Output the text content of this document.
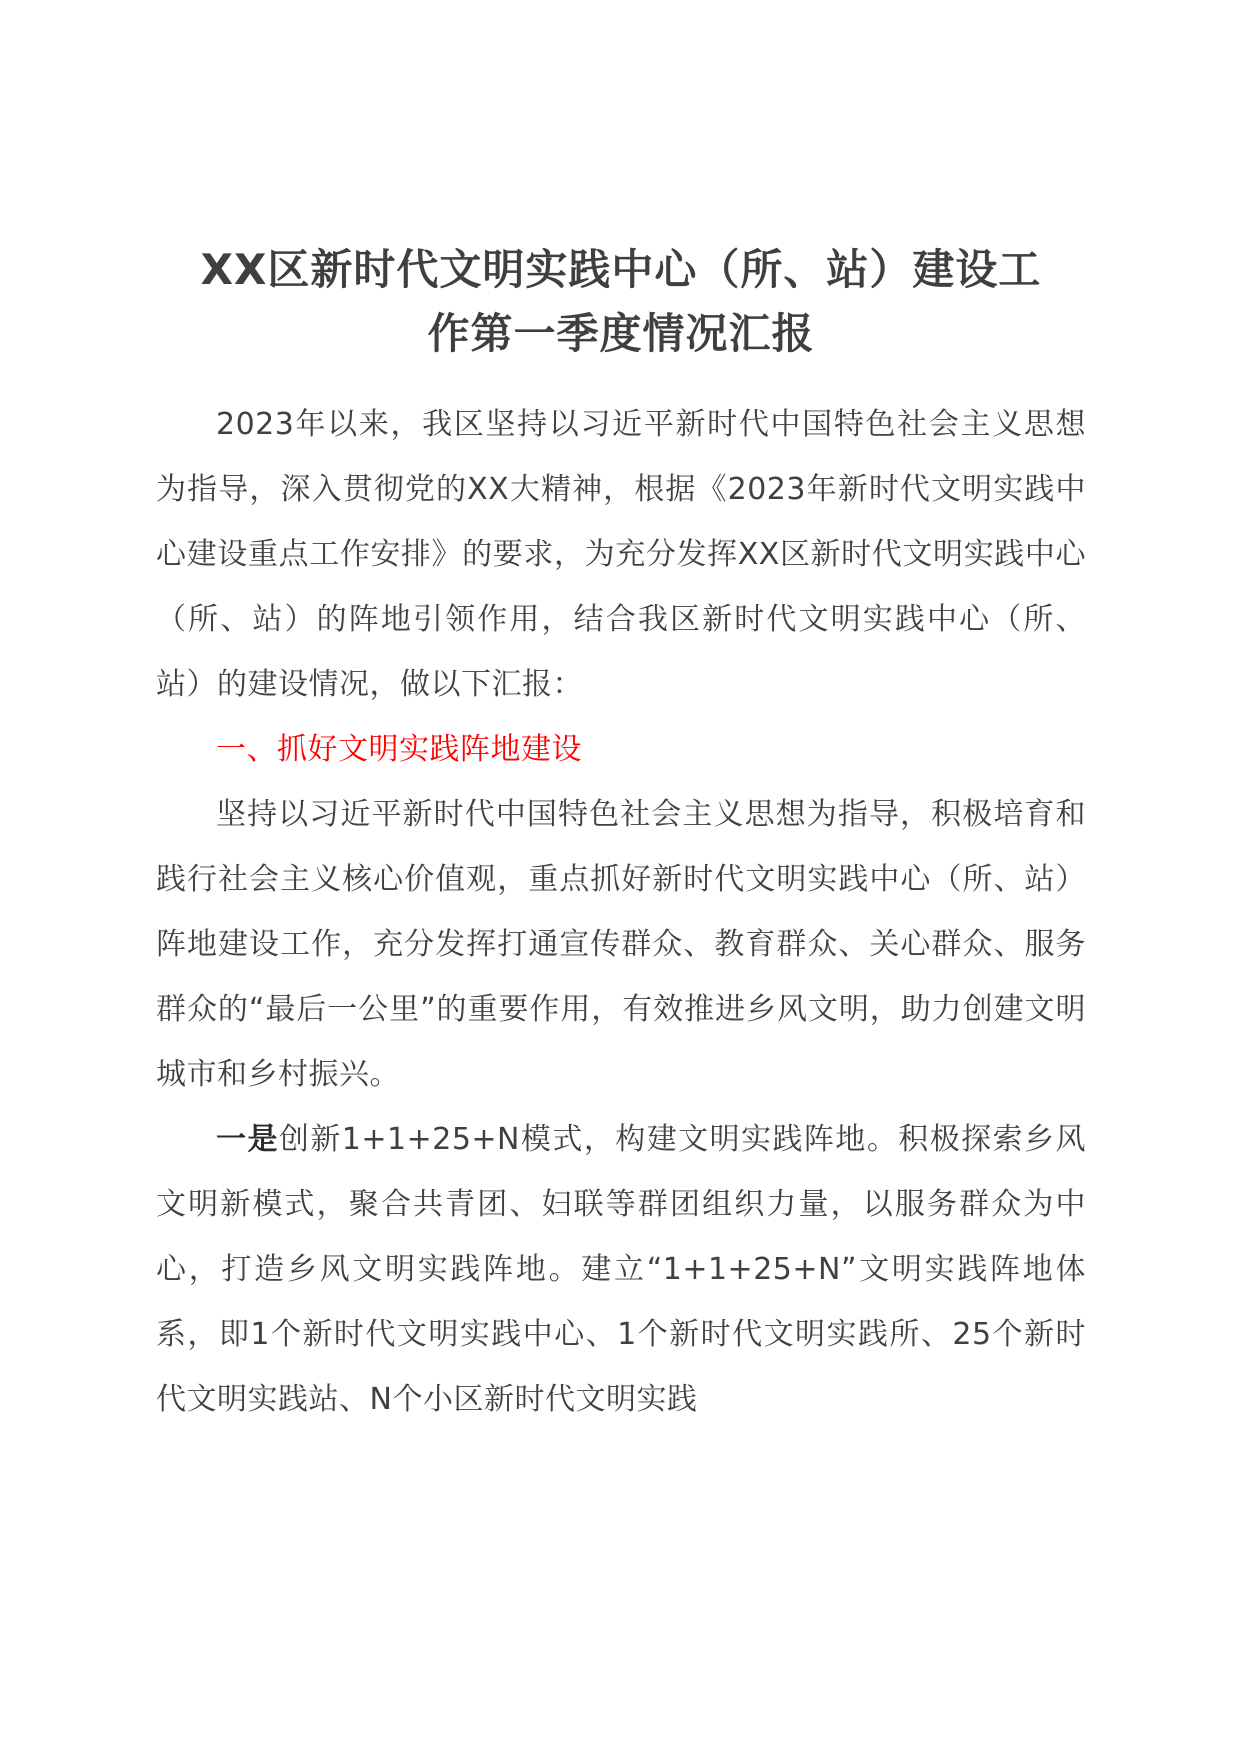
XX区新时代文明实践中心（所、站）建设工
作第一季度情况汇报

2023年以来，我区坚持以习近平新时代中国特色社会主义思想为指导，深入贯彻党的XX大精神，根据《2023年新时代文明实践中心建设重点工作安排》的要求，为充分发挥XX区新时代文明实践中心（所、站）的阵地引领作用，结合我区新时代文明实践中心（所、站）的建设情况，做以下汇报：

一、抓好文明实践阵地建设

坚持以习近平新时代中国特色社会主义思想为指导，积极培育和践行社会主义核心价值观，重点抓好新时代文明实践中心（所、站）阵地建设工作，充分发挥打通宣传群众、教育群众、关心群众、服务群众的“最后一公里”的重要作用，有效推进乡风文明，助力创建文明城市和乡村振兴。

一是创新1+1+25+N模式，构建文明实践阵地。积极探索乡风文明新模式，聚合共青团、妇联等群团组织力量，以服务群众为中心，打造乡风文明实践阵地。建立“1+1+25+N”文明实践阵地体系，即1个新时代文明实践中心、1个新时代文明实践所、25个新时代文明实践站、N个小区新时代文明实践
